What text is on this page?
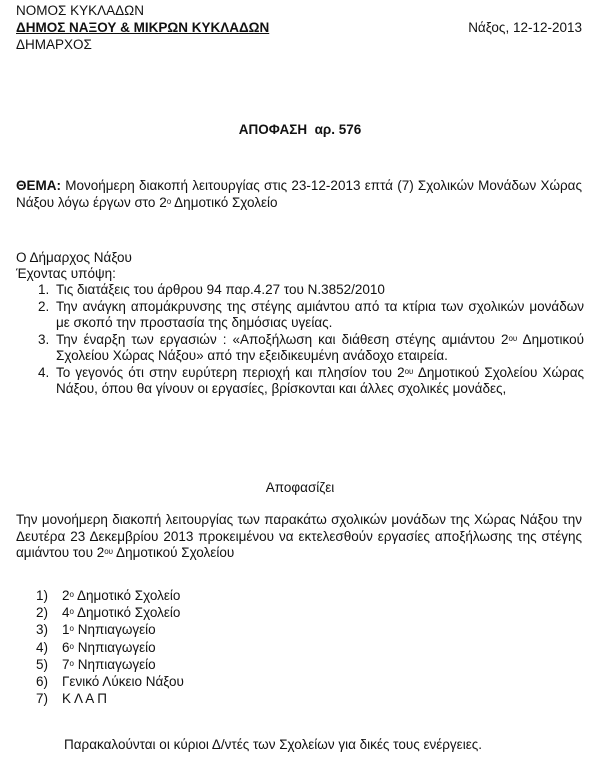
ΝΟΜΟΣ ΚΥΚΛΑΔΩΝ
ΔΗΜΟΣ ΝΑΞΟΥ & ΜΙΚΡΩΝ ΚΥΚΛΑΔΩΝ
ΔΗΜΑΡΧΟΣ
Νάξος, 12-12-2013
ΑΠΟΦΑΣΗ  αρ. 576
ΘΕΜΑ: Μονοήμερη διακοπή λειτουργίας στις 23-12-2013 επτά (7) Σχολικών Μονάδων Χώρας Νάξου λόγω έργων στο $2^o$ Δημοτικό Σχολείο
Ο Δήμαρχος Νάξου
Έχοντας υπόψη:
1. Τις διατάξεις του άρθρου 94 παρ.4.27 του Ν.3852/2010
2. Την ανάγκη απομάκρυνσης της στέγης αμιάντου από τα κτίρια των σχολικών μονάδων με σκοπό την προστασία της δημόσιας υγείας.
3. Την έναρξη των εργασιών : «Αποξήλωση και διάθεση στέγης αμιάντου $2^{o\upsilon}$ Δημοτικού Σχολείου Χώρας Νάξου» από την εξειδικευμένη ανάδοχο εταιρεία.
4. Το γεγονός ότι στην ευρύτερη περιοχή και πλησίον του $2^{o\upsilon}$ Δημοτικού Σχολείου Χώρας Νάξου, όπου θα γίνουν οι εργασίες, βρίσκονται και άλλες σχολικές μονάδες,
Αποφασίζει
Την μονοήμερη διακοπή λειτουργίας των παρακάτω σχολικών μονάδων της Χώρας Νάξου την Δευτέρα 23 Δεκεμβρίου 2013 προκειμένου να εκτελεσθούν εργασίες αποξήλωσης της στέγης αμιάντου του $2^{o\upsilon}$ Δημοτικού Σχολείου
1) $2^o$ Δημοτικό Σχολείο
2) $4^o$ Δημοτικό Σχολείο
3) $1^o$ Νηπιαγωγείο
4) $6^o$ Νηπιαγωγείο
5) $7^o$ Νηπιαγωγείο
6) Γενικό Λύκειο Νάξου
7) Κ Λ Α Π
Παρακαλούνται οι κύριοι Δ/ντές των Σχολείων για δικές τους ενέργειες.
